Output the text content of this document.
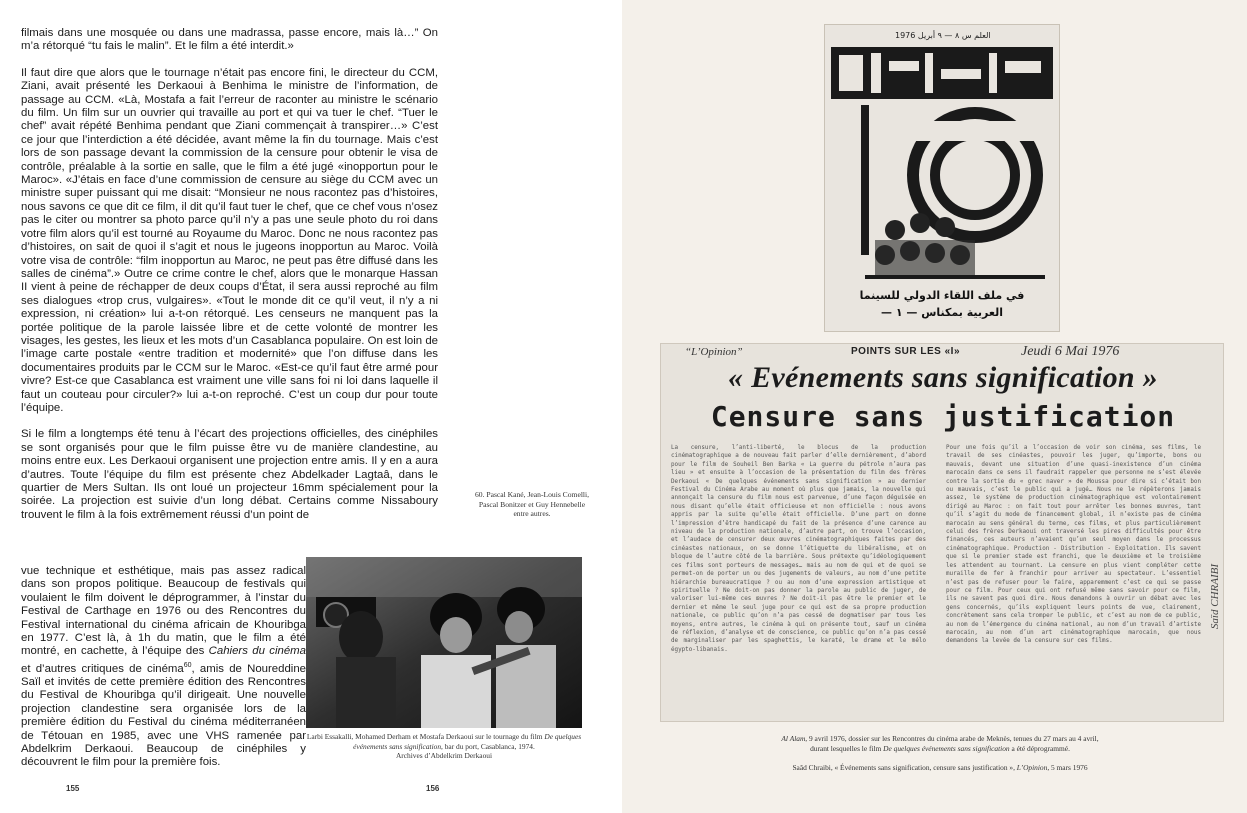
filmais dans une mosquée ou dans une madrassa, passe encore, mais là…” On m’a rétorqué “tu fais le malin”. Et le film a été interdit.»

Il faut dire que alors que le tournage n’était pas encore fini, le directeur du CCM, Ziani, avait présenté les Derkaoui à Benhima le ministre de l’information, de passage au CCM. «Là, Mostafa a fait l’erreur de raconter au ministre le scénario du film. Un film sur un ouvrier qui travaille au port et qui va tuer le chef. “Tuer le chef” avait répété Benhima pendant que Ziani commençait à transpirer…» C’est ce jour que l’interdiction a été décidée, avant même la fin du tournage. Mais c’est lors de son passage devant la commission de la censure pour obtenir le visa de contrôle, préalable à la sortie en salle, que le film a été jugé «inopportun pour le Maroc». «J’étais en face d’une commission de censure au siège du CCM avec un ministre super puissant qui me disait: “Monsieur ne nous racontez pas d’histoires, nous savons ce que dit ce film, il dit qu’il faut tuer le chef, que ce chef vous n’osez pas le citer ou montrer sa photo parce qu’il n’y a pas une seule photo du roi dans votre film alors qu’il est tourné au Royaume du Maroc. Donc ne nous racontez pas d’histoires, on sait de quoi il s’agit et nous le jugeons inopportun au Maroc. Voilà votre visa de contrôle: “film inopportun au Maroc, ne peut pas être diffusé dans les salles de cinéma”.» Outre ce crime contre le chef, alors que le monarque Hassan II vient à peine de réchapper de deux coups d’État, il sera aussi reproché au film ses dialogues «trop crus, vulgaires». «Tout le monde dit ce qu’il veut, il n’y a ni expression, ni création» lui a-t-on rétorqué. Les censeurs ne manquent pas la portée politique de la parole laissée libre et de cette volonté de montrer les visages, les gestes, les lieux et les mots d’un Casablanca populaire. On est loin de l’image carte postale «entre tradition et modernité» que l’on diffuse dans les documentaires produits par le CCM sur le Maroc. «Est-ce qu’il faut être armé pour vivre? Est-ce que Casablanca est vraiment une ville sans foi ni loi dans laquelle il faut un couteau pour circuler?» lui a-t-on reproché. C’est un coup dur pour toute l’équipe.

Si le film a longtemps été tenu à l’écart des projections officielles, des cinéphiles se sont organisés pour que le film puisse être vu de manière clandestine, au moins entre eux. Les Derkaoui organisent une projection entre amis. Il y en a aura d’autres. Toute l’équipe du film est présente chez Abdelkader Lagtaâ, dans le quartier de Mers Sultan. Ils ont loué un projecteur 16mm spécialement pour la soirée. La projection est suivie d’un long débat. Certains comme Nissaboury trouvent le film à la fois extrêmement réussi d’un point de

vue technique et esthétique, mais pas assez radical dans son propos politique. Beaucoup de festivals qui voulaient le film doivent le déprogrammer, à l’instar du Festival de Carthage en 1976 ou des Rencontres du Festival international du cinéma africain de Khouribga en 1977. C’est là, à 1h du matin, que le film a été montré, en cachette, à l’équipe des Cahiers du cinéma et d’autres critiques de cinéma$^{60}$, amis de Noureddine Saïl et invités de cette première édition des Rencontres du Festival de Khouribga qu’il dirigeait. Une nouvelle projection clandestine sera organisée lors de la première édition du Festival du cinéma méditerranéen de Tétouan en 1985, avec une VHS ramenée par Abdelkrim Derkaoui. Beaucoup de cinéphiles y découvrent le film pour la première fois.
60. Pascal Kané, Jean-Louis Comelli, Pascal Bonitzer et Guy Hennebelle entre autres.
Larbi Essakalli, Mohamed Derham et Mostafa Derkaoui sur le tournage du film De quelques événements sans signification, bar du port, Casablanca, 1974.
Archives d’Abdelkrim Derkaoui
155	156
العلم س ٨ — ٩ أبريل 1976
في ملف اللقاء الدولي للسينما
العربية بمكناس — ١ —
“L’Opinion”	POINTS SUR LES «I»	Jeudi 6 Mai 1976
« Evénements sans signification »
Censure sans justification
La censure, l’anti-liberté, le blocus de la production cinématographique a de nouveau fait parler d’elle dernièrement, d’abord pour le film de Souheil Ben Barka « La guerre du pétrole n’aura pas lieu » et ensuite à l’occasion de la présentation du film des frères Derkaoui « De quelques événements sans signification » au dernier Festival du Cinéma Arabe au moment où plus que jamais, la nouvelle qui annonçait la censure du film nous est parvenue, d’une façon déguisée en nous disant qu’elle était officieuse et non officielle : nous avons appris par la suite qu’elle était officielle. D’une part on donne l’impression d’être handicapé du fait de la présence d’une carence au niveau de la production nationale, d’autre part, on trouve l’occasion, et l’audace de censurer deux œuvres cinématographiques faites par des cinéastes nationaux, on se donne l’étiquette du libéralisme, et on bloque de l’autre côté de la barrière. Sous prétexte qu’idéologiquement ces films sont porteurs de messages… mais au nom de qui et de quoi se permet-on de porter un ou des jugements de valeurs, au nom d’une petite hiérarchie bureaucratique ? ou au nom d’une expression artistique et spirituelle ? Ne doit-on pas donner la parole au public de juger, de valoriser lui-même ces œuvres ? Ne doit-il pas être le premier et le dernier et même le seul juge pour ce qui est de sa propre production nationale, ce public qu’on n’a pas cessé de dogmatiser par tous les moyens, entre autres, le cinéma à qui on présente tout, sauf un cinéma de réflexion, d’analyse et de conscience, ce public qu’on n’a pas cessé de marginaliser par les spaghettis, le karaté, le drame et le mélo égypto-libanais.
Pour une fois qu’il a l’occasion de voir son cinéma, ses films, le travail de ses cinéastes, pouvoir les juger, qu’importe, bons ou mauvais, devant une situation d’une quasi-inexistence d’un cinéma marocain dans ce sens il faudrait rappeler que personne ne s’est élevée contre la sortie du « grec naver » de Moussa pour dire si c’était bon ou mauvais, c’est le public qui a jugé… Nous ne le répèterons jamais assez, le système de production cinématographique est volontairement dirigé au Maroc : on fait tout pour arrêter les bonnes œuvres, tant qu’il s’agit du mode de financement global, il n’existe pas de cinéma marocain au sens général du terme, ces films, et plus particulièrement celui des frères Derkaoui ont traversé les pires difficultés pour être financés, ces auteurs n’avaient qu’un seul moyen dans le processus cinématographique. Production - Distribution - Exploitation. Ils savent que si le premier stade est franchi, que le deuxième et le troisième les attendent au tournant. La censure en plus vient compléter cette muraille de fer à franchir pour arriver au spectateur. L’essentiel n’est pas de refuser pour le faire, apparemment c’est ce qui se passe pour ce film. Pour ceux qui ont refusé même sans savoir pour ce film, ils ne savent pas quoi dire. Nous demandons à ouvrir un débat avec les gens concernés, qu’ils expliquent leurs points de vue, clairement, concrètement sans cela tromper le public, et c’est au nom de ce public, au nom de l’émergence du cinéma national, au nom d’un travail d’artiste marocain, au nom d’un art cinématographique marocain, que nous demandons la levée de la censure sur ces films.
Saïd CHRAIBI
Al Alam, 9 avril 1976, dossier sur les Rencontres du cinéma arabe de Meknès, tenues du 27 mars au 4 avril,
durant lesquelles le film De quelques événements sans signification a été déprogrammé.
Saâd Chraibi, « Événements sans signification, censure sans justification », L’Opinion, 5 mars 1976
